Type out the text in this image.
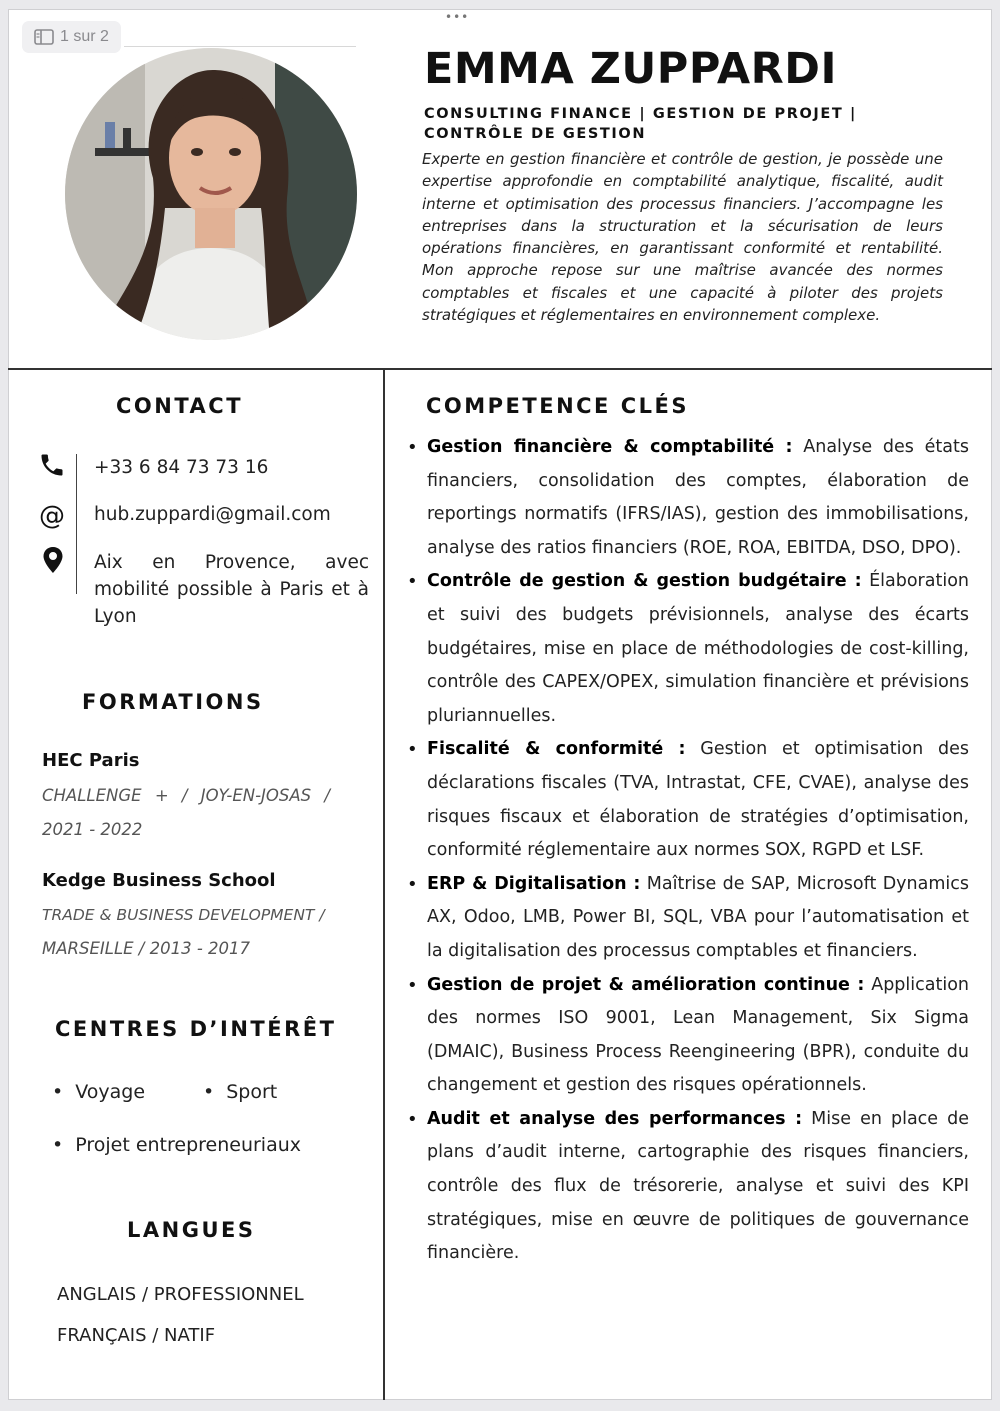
•••
1 sur 2
EMMA ZUPPARDI
CONSULTING FINANCE | GESTION DE PROJET | CONTRÔLE DE GESTION
Experte en gestion financière et contrôle de gestion, je possède une expertise approfondie en comptabilité analytique, fiscalité, audit interne et optimisation des processus financiers. J’accompagne les entreprises dans la structuration et la sécurisation de leurs opérations financières, en garantissant conformité et rentabilité. Mon approche repose sur une maîtrise avancée des normes comptables et fiscales et une capacité à piloter des projets stratégiques et réglementaires en environnement complexe.
CONTACT
+33 6 84 73 73 16
@ hub.zuppardi@gmail.com
Aix en Provence, avec mobilité possible à Paris et à Lyon
FORMATIONS
HEC Paris
CHALLENGE + / JOY-EN-JOSAS /
2021 - 2022
Kedge Business School
TRADE & BUSINESS DEVELOPMENT /
MARSEILLE / 2013 - 2017
CENTRES D’INTÉRÊT
• Voyage
•	Sport
• Projet entrepreneuriaux
LANGUES
ANGLAIS / PROFESSIONNEL
FRANÇAIS / NATIF
COMPETENCE CLÉS
• Gestion financière & comptabilité : Analyse des états financiers, consolidation des comptes, élaboration de reportings normatifs (IFRS/IAS), gestion des immobilisations, analyse des ratios financiers (ROE, ROA, EBITDA, DSO, DPO).
• Contrôle de gestion & gestion budgétaire : Élaboration et suivi des budgets prévisionnels, analyse des écarts budgétaires, mise en place de méthodologies de cost-killing, contrôle des CAPEX/OPEX, simulation financière et prévisions pluriannuelles.
• Fiscalité & conformité : Gestion et optimisation des déclarations fiscales (TVA, Intrastat, CFE, CVAE), analyse des risques fiscaux et élaboration de stratégies d’optimisation, conformité réglementaire aux normes SOX, RGPD et LSF.
• ERP & Digitalisation : Maîtrise de SAP, Microsoft Dynamics AX, Odoo, LMB, Power BI, SQL, VBA pour l’automatisation et la digitalisation des processus comptables et financiers.
• Gestion de projet & amélioration continue : Application des normes ISO 9001, Lean Management, Six Sigma (DMAIC), Business Process Reengineering (BPR), conduite du changement et gestion des risques opérationnels.
• Audit et analyse des performances : Mise en place de plans d’audit interne, cartographie des risques financiers, contrôle des flux de trésorerie, analyse et suivi des KPI stratégiques, mise en œuvre de politiques de gouvernance financière.
